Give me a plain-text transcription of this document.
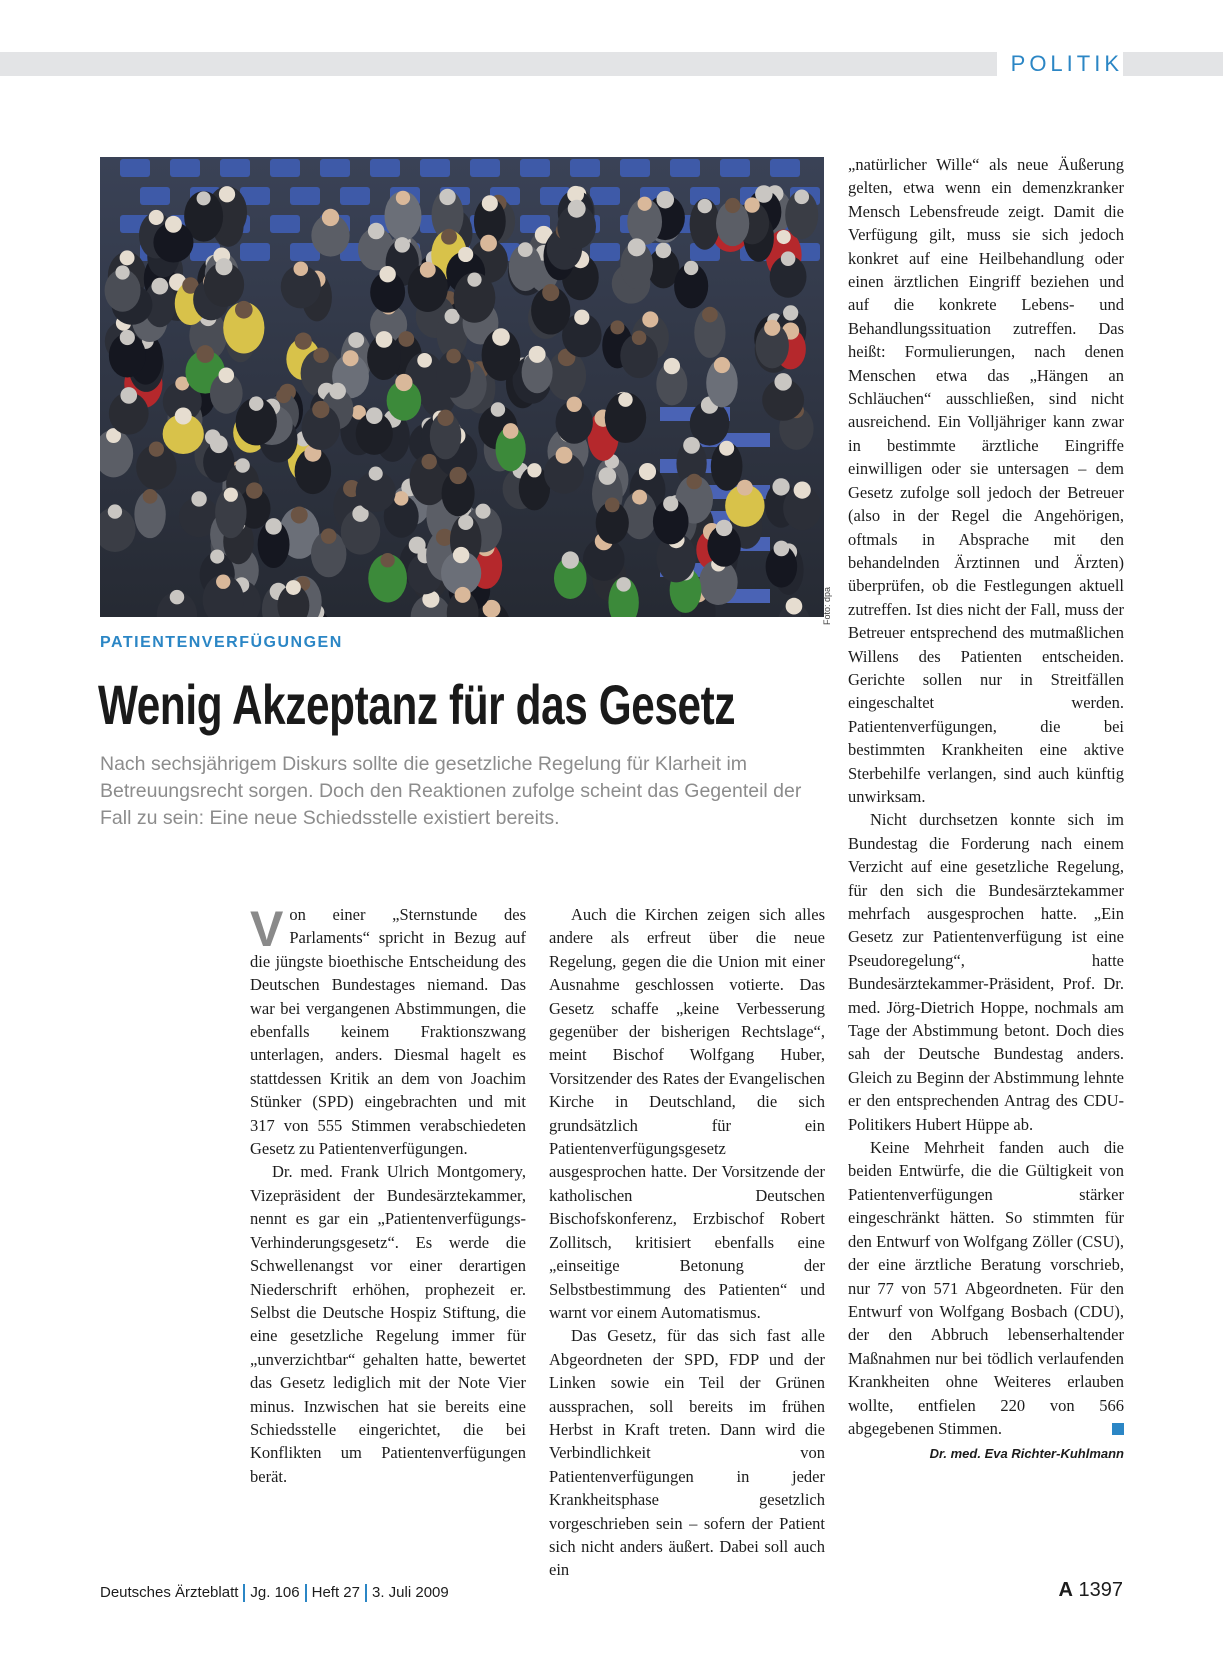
POLITIK
Foto: dpa
PATIENTENVERFÜGUNGEN
Wenig Akzeptanz für das Gesetz

Nach sechsjährigem Diskurs sollte die gesetzliche Regelung für Klarheit im Betreuungsrecht sorgen. Doch den Reaktionen zufolge scheint das Gegenteil der Fall zu sein: Eine neue Schiedsstelle existiert bereits.

Von einer „Sternstunde des Parlaments“ spricht in Bezug auf die jüngste bioethische Entscheidung des Deutschen Bundestages niemand. Das war bei vergangenen Abstimmungen, die ebenfalls keinem Fraktionszwang unterlagen, anders. Diesmal hagelt es stattdessen Kritik an dem von Joachim Stünker (SPD) eingebrachten und mit 317 von 555 Stimmen verabschiedeten Gesetz zu Patientenverfügungen.

Dr. med. Frank Ulrich Montgomery, Vizepräsident der Bundesärztekammer, nennt es gar ein „Patientenverfügungs-Verhinderungsgesetz“. Es werde die Schwellenangst vor einer derartigen Niederschrift erhöhen, prophezeit er. Selbst die Deutsche Hospiz Stiftung, die eine gesetzliche Regelung immer für „unverzichtbar“ gehalten hatte, bewertet das Gesetz lediglich mit der Note Vier minus. Inzwischen hat sie bereits eine Schiedsstelle eingerichtet, die bei Konflikten um Patientenverfügungen berät.

Auch die Kirchen zeigen sich alles andere als erfreut über die neue Regelung, gegen die die Union mit einer Ausnahme geschlossen votierte. Das Gesetz schaffe „keine Verbesserung gegenüber der bisherigen Rechtslage“, meint Bischof Wolfgang Huber, Vorsitzender des Rates der Evangelischen Kirche in Deutschland, die sich grundsätzlich für ein Patientenverfügungsgesetz ausgesprochen hatte. Der Vorsitzende der katholischen Deutschen Bischofskonferenz, Erzbischof Robert Zollitsch, kritisiert ebenfalls eine „einseitige Betonung der Selbstbestimmung des Patienten“ und warnt vor einem Automatismus.

Das Gesetz, für das sich fast alle Abgeordneten der SPD, FDP und der Linken sowie ein Teil der Grünen aussprachen, soll bereits im frühen Herbst in Kraft treten. Dann wird die Verbindlichkeit von Patientenverfügungen in jeder Krankheitsphase gesetzlich vorgeschrieben sein – sofern der Patient sich nicht anders äußert. Dabei soll auch ein

„natürlicher Wille“ als neue Äußerung gelten, etwa wenn ein demenzkranker Mensch Lebensfreude zeigt. Damit die Verfügung gilt, muss sie sich jedoch konkret auf eine Heilbehandlung oder einen ärztlichen Eingriff beziehen und auf die konkrete Lebens- und Behandlungssituation zutreffen. Das heißt: Formulierungen, nach denen Menschen etwa das „Hängen an Schläuchen“ ausschließen, sind nicht ausreichend. Ein Volljähriger kann zwar in bestimmte ärztliche Eingriffe einwilligen oder sie untersagen – dem Gesetz zufolge soll jedoch der Betreuer (also in der Regel die Angehörigen, oftmals in Absprache mit den behandelnden Ärztinnen und Ärzten) überprüfen, ob die Festlegungen aktuell zutreffen. Ist dies nicht der Fall, muss der Betreuer entsprechend des mutmaßlichen Willens des Patienten entscheiden. Gerichte sollen nur in Streitfällen eingeschaltet werden. Patientenverfügungen, die bei bestimmten Krankheiten eine aktive Sterbehilfe verlangen, sind auch künftig unwirksam.

Nicht durchsetzen konnte sich im Bundestag die Forderung nach einem Verzicht auf eine gesetzliche Regelung, für den sich die Bundesärztekammer mehrfach ausgesprochen hatte. „Ein Gesetz zur Patientenverfügung ist eine Pseudoregelung“, hatte Bundesärztekammer-Präsident, Prof. Dr. med. Jörg-Dietrich Hoppe, nochmals am Tage der Abstimmung betont. Doch dies sah der Deutsche Bundestag anders. Gleich zu Beginn der Abstimmung lehnte er den entsprechenden Antrag des CDU-Politikers Hubert Hüppe ab.

Keine Mehrheit fanden auch die beiden Entwürfe, die die Gültigkeit von Patientenverfügungen stärker eingeschränkt hätten. So stimmten für den Entwurf von Wolfgang Zöller (CSU), der eine ärztliche Beratung vorschrieb, nur 77 von 571 Abgeordneten. Für den Entwurf von Wolfgang Bosbach (CDU), der den Abbruch lebenserhaltender Maßnahmen nur bei tödlich verlaufenden Krankheiten ohne Weiteres erlauben wollte, entfielen 220 von 566 abgegebenen Stimmen.

Dr. med. Eva Richter-Kuhlmann
Deutsches Ärzteblatt Jg. 106 Heft 27 3. Juli 2009	A 1397
